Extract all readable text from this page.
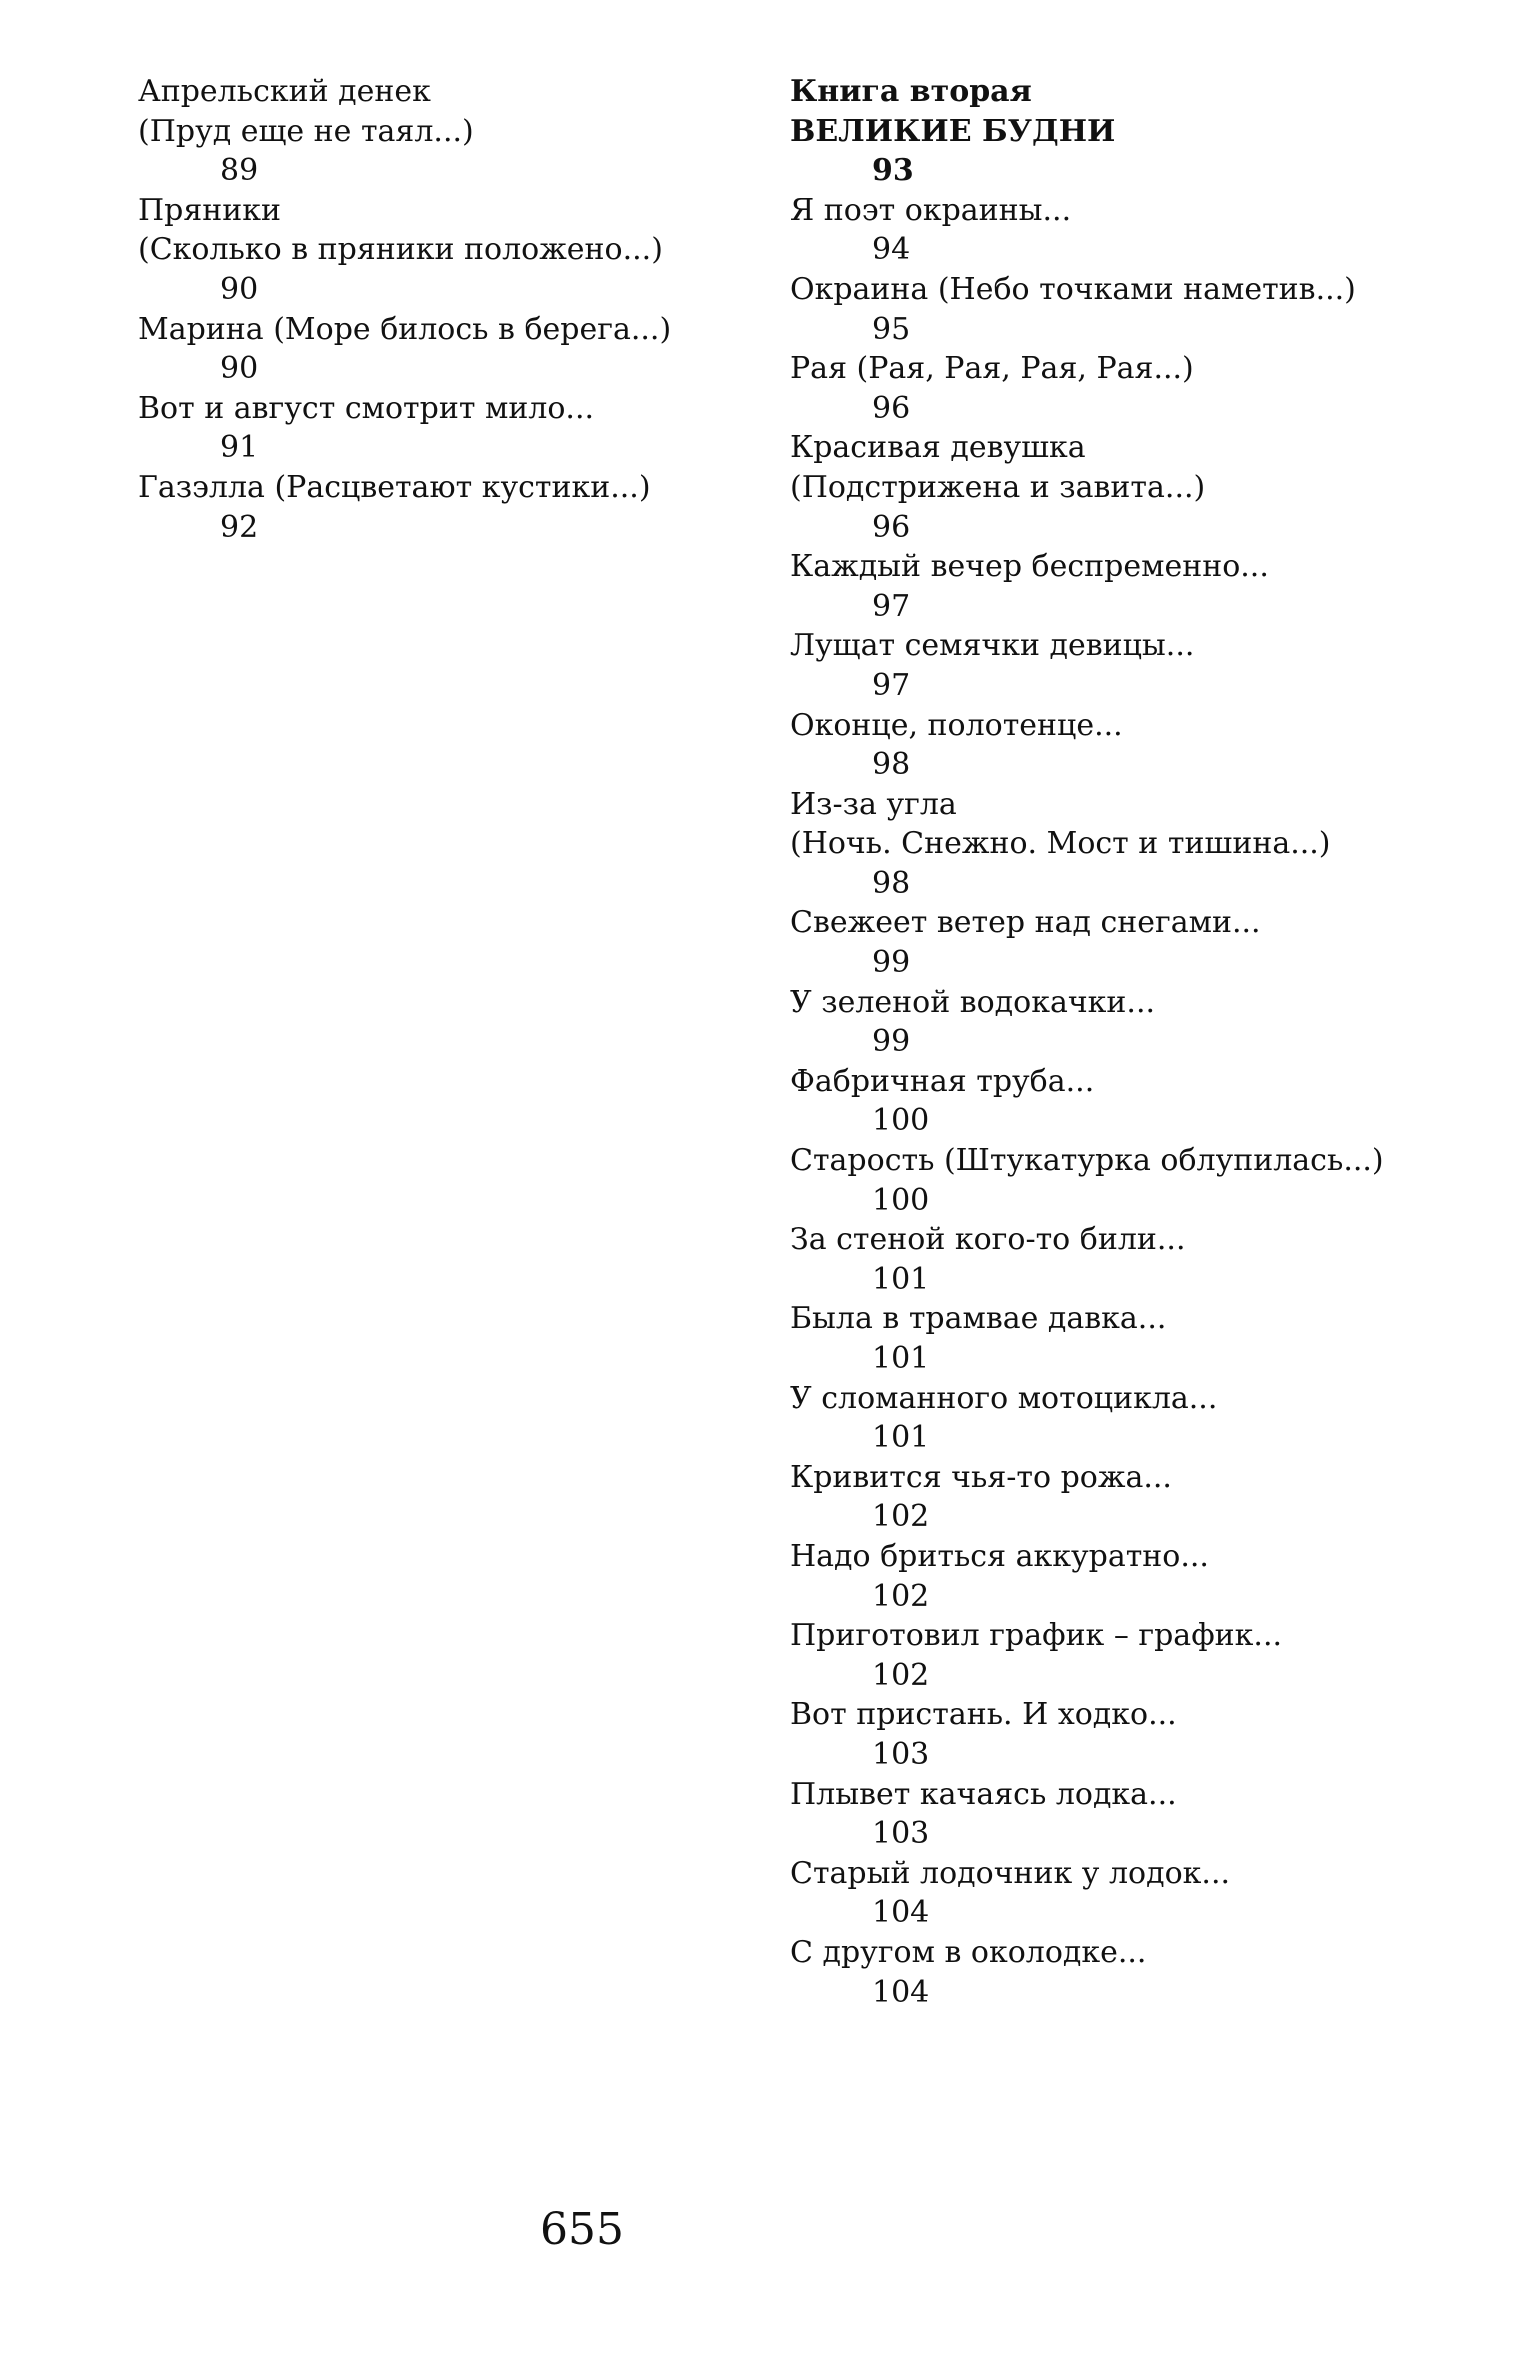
Апрельский денек
(Пруд еще не таял...)
89
Пряники
(Сколько в пряники положено...)
90
Марина (Море билось в берега...)
90
Вот и август смотрит мило...
91
Газэлла (Расцветают кустики...)
92
Книга вторая
ВЕЛИКИЕ БУДНИ
93
Я поэт окраины...
94
Окраина (Небо точками наметив...)
95
Рая (Рая, Рая, Рая, Рая...)
96
Красивая девушка
(Подстрижена и завита...)
96
Каждый вечер беспременно...
97
Лущат семячки девицы...
97
Оконце, полотенце...
98
Из-за угла
(Ночь. Снежно. Мост и тишина...)
98
Свежеет ветер над снегами...
99
У зеленой водокачки...
99
Фабричная труба...
100
Старость (Штукатурка облупилась...)
100
За стеной кого-то били...
101
Была в трамвае давка...
101
У сломанного мотоцикла...
101
Кривится чья-то рожа...
102
Надо бриться аккуратно...
102
Приготовил график – график...
102
Вот пристань. И ходко...
103
Плывет качаясь лодка...
103
Старый лодочник у лодок...
104
С другом в околодке...
104
655
